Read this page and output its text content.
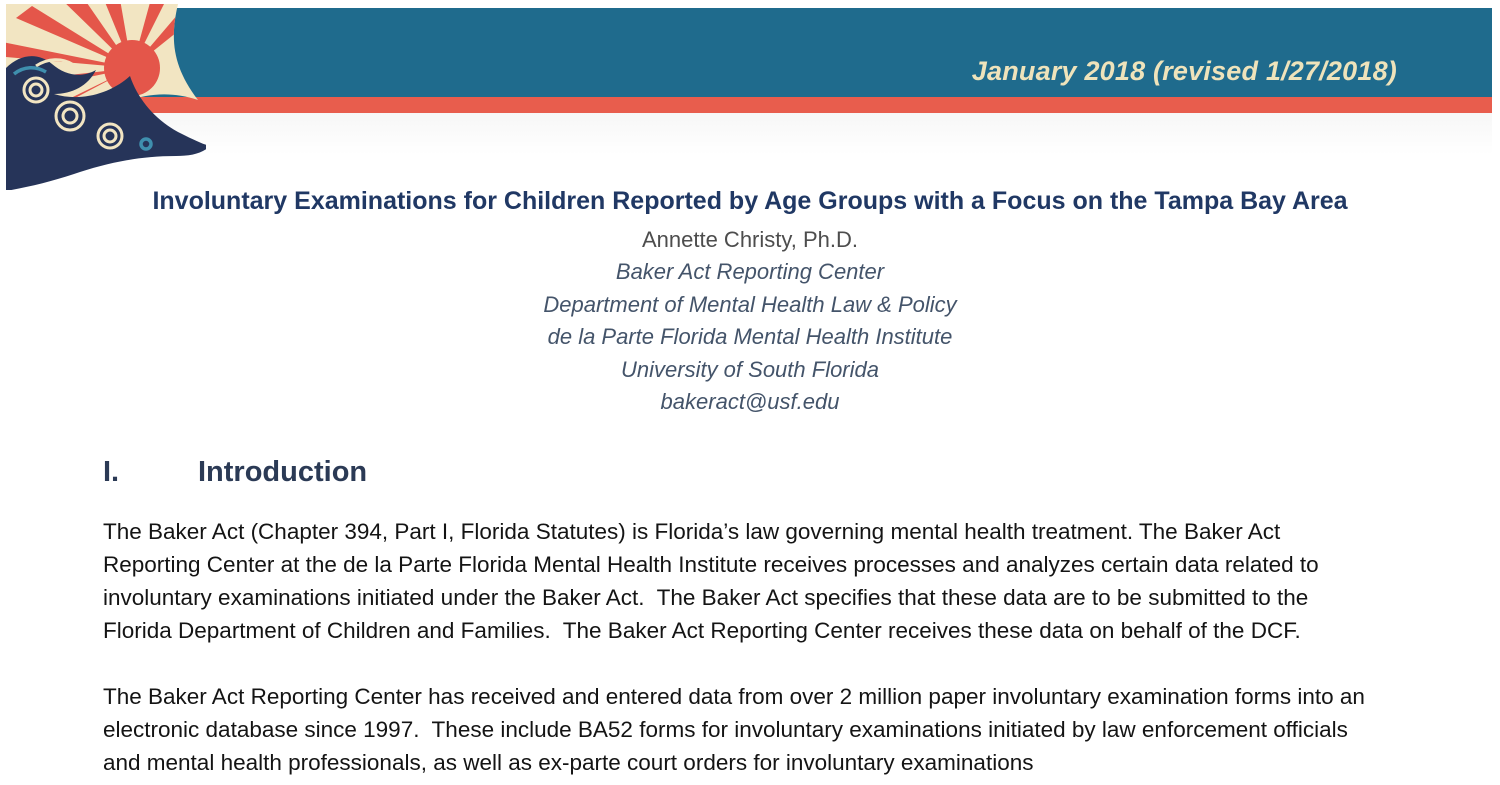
January 2018 (revised 1/27/2018)
Involuntary Examinations for Children Reported by Age Groups with a Focus on the Tampa Bay Area
Annette Christy, Ph.D.
Baker Act Reporting Center
Department of Mental Health Law & Policy
de la Parte Florida Mental Health Institute
University of South Florida
bakeract@usf.edu
I.	Introduction

The Baker Act (Chapter 394, Part I, Florida Statutes) is Florida’s law governing mental health treatment. The Baker Act Reporting Center at the de la Parte Florida Mental Health Institute receives processes and analyzes certain data related to involuntary examinations initiated under the Baker Act.  The Baker Act specifies that these data are to be submitted to the Florida Department of Children and Families.  The Baker Act Reporting Center receives these data on behalf of the DCF.

The Baker Act Reporting Center has received and entered data from over 2 million paper involuntary examination forms into an electronic database since 1997.  These include BA52 forms for involuntary examinations initiated by law enforcement officials and mental health professionals, as well as ex-parte court orders for involuntary examinations
